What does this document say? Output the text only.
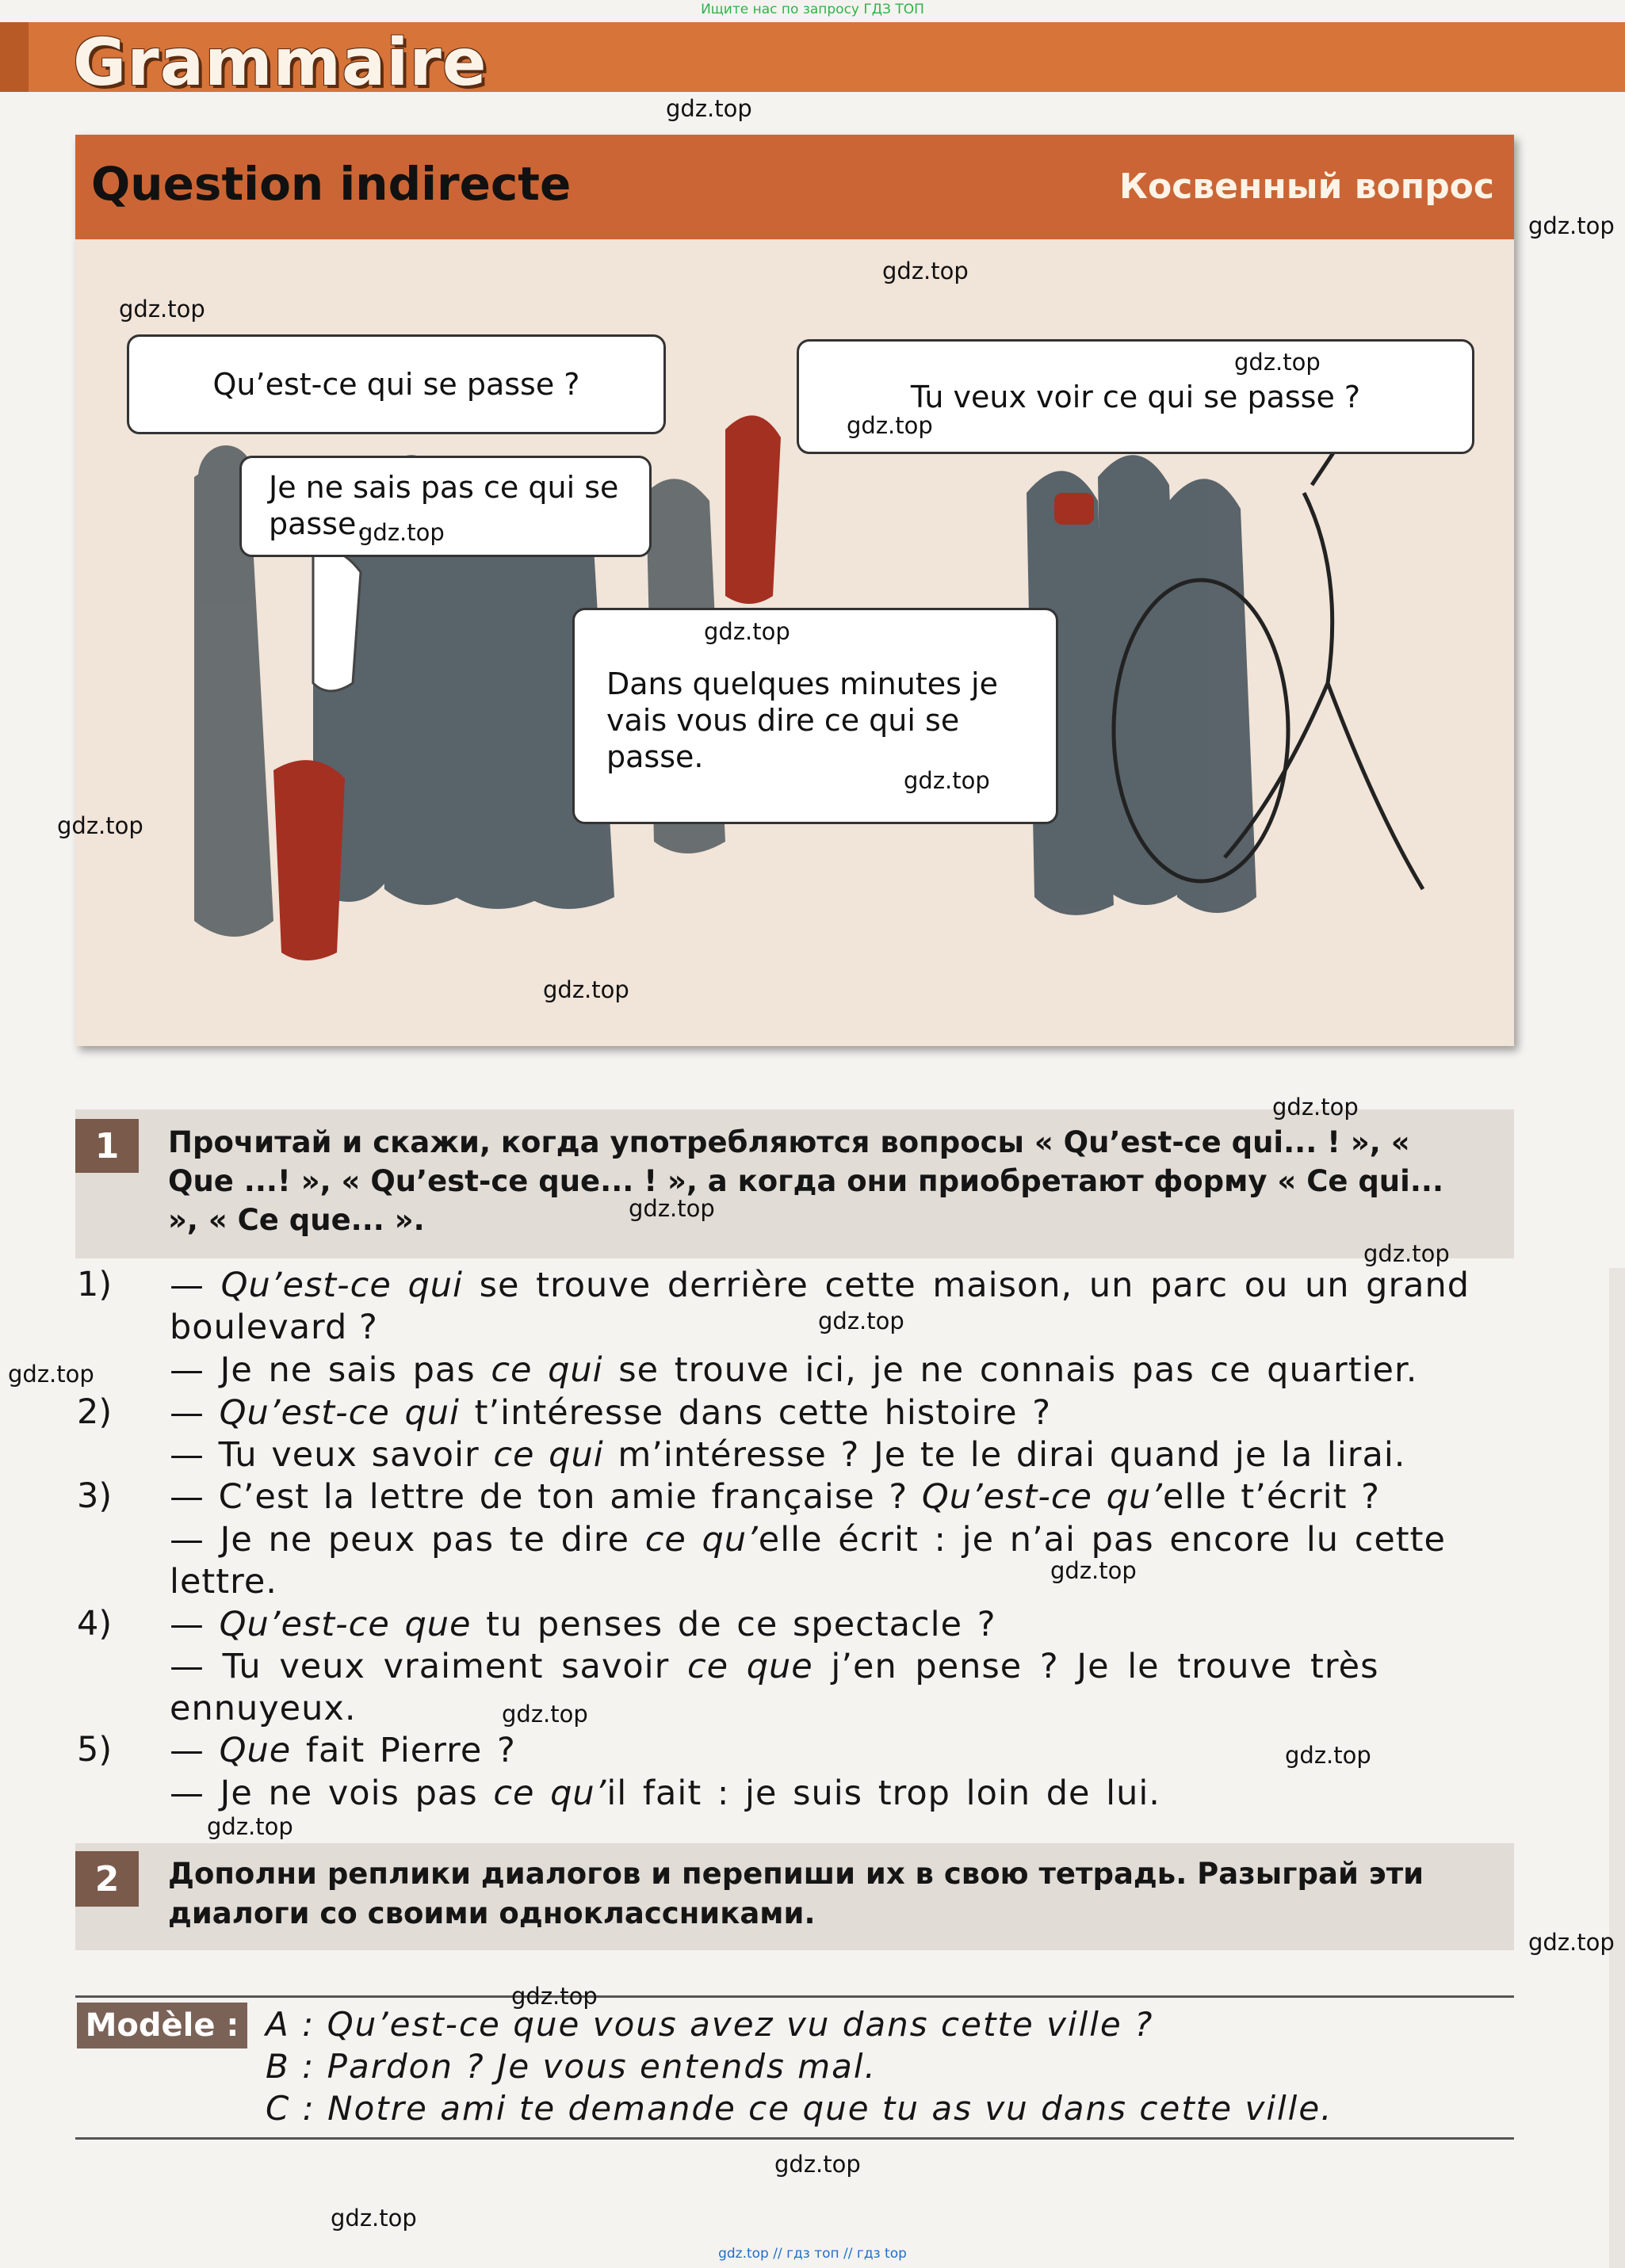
Ищите нас по запросу ГДЗ ТОП
Grammaire
Question indirecte	Косвенный вопрос
Qu’est-ce qui se passe ?
Je ne sais pas ce qui se passe.
Tu veux voir ce qui se passe ?
Dans quelques minutes je vais vous dire ce qui se passe.
1	Прочитай и скажи, когда употребляются вопросы « Qu’est-ce qui... ! », « Que ...! », « Qu’est-ce que... ! », а когда они приобретают форму « Ce qui... », « Ce que... ».
1) — Qu’est-ce qui se trouve derrière cette maison, un parc ou un grand
boulevard ?
— Je ne sais pas ce qui se trouve ici, je ne connais pas ce quartier.
2) — Qu’est-ce qui t’intéresse dans cette histoire ?
— Tu veux savoir ce qui m’intéresse ? Je te le dirai quand je la lirai.
3) — C’est la lettre de ton amie française ? Qu’est-ce qu’elle t’écrit ?
— Je ne peux pas te dire ce qu’elle écrit : je n’ai pas encore lu cette
lettre.
4) — Qu’est-ce que tu penses de ce spectacle ?
— Tu veux vraiment savoir ce que j’en pense ? Je le trouve très
ennuyeux.
5) — Que fait Pierre ?
— Je ne vois pas ce qu’il fait : je suis trop loin de lui.
2	Дополни реплики диалогов и перепиши их в свою тетрадь. Разыграй эти диалоги со своими одноклассниками.
Modèle : A : Qu’est-ce que vous avez vu dans cette ville ?
B : Pardon ? Je vous entends mal.
C : Notre ami te demande ce que tu as vu dans cette ville.
gdz.top
gdz.top
gdz.top
gdz.top
gdz.top
gdz.top
gdz.top
gdz.top
gdz.top
gdz.top
gdz.top
gdz.top
gdz.top
gdz.top
gdz.top
gdz.top
gdz.top
gdz.top
gdz.top
gdz.top
gdz.top
gdz.top
gdz.top
gdz.top
gdz.top // гдз топ // гдз top
